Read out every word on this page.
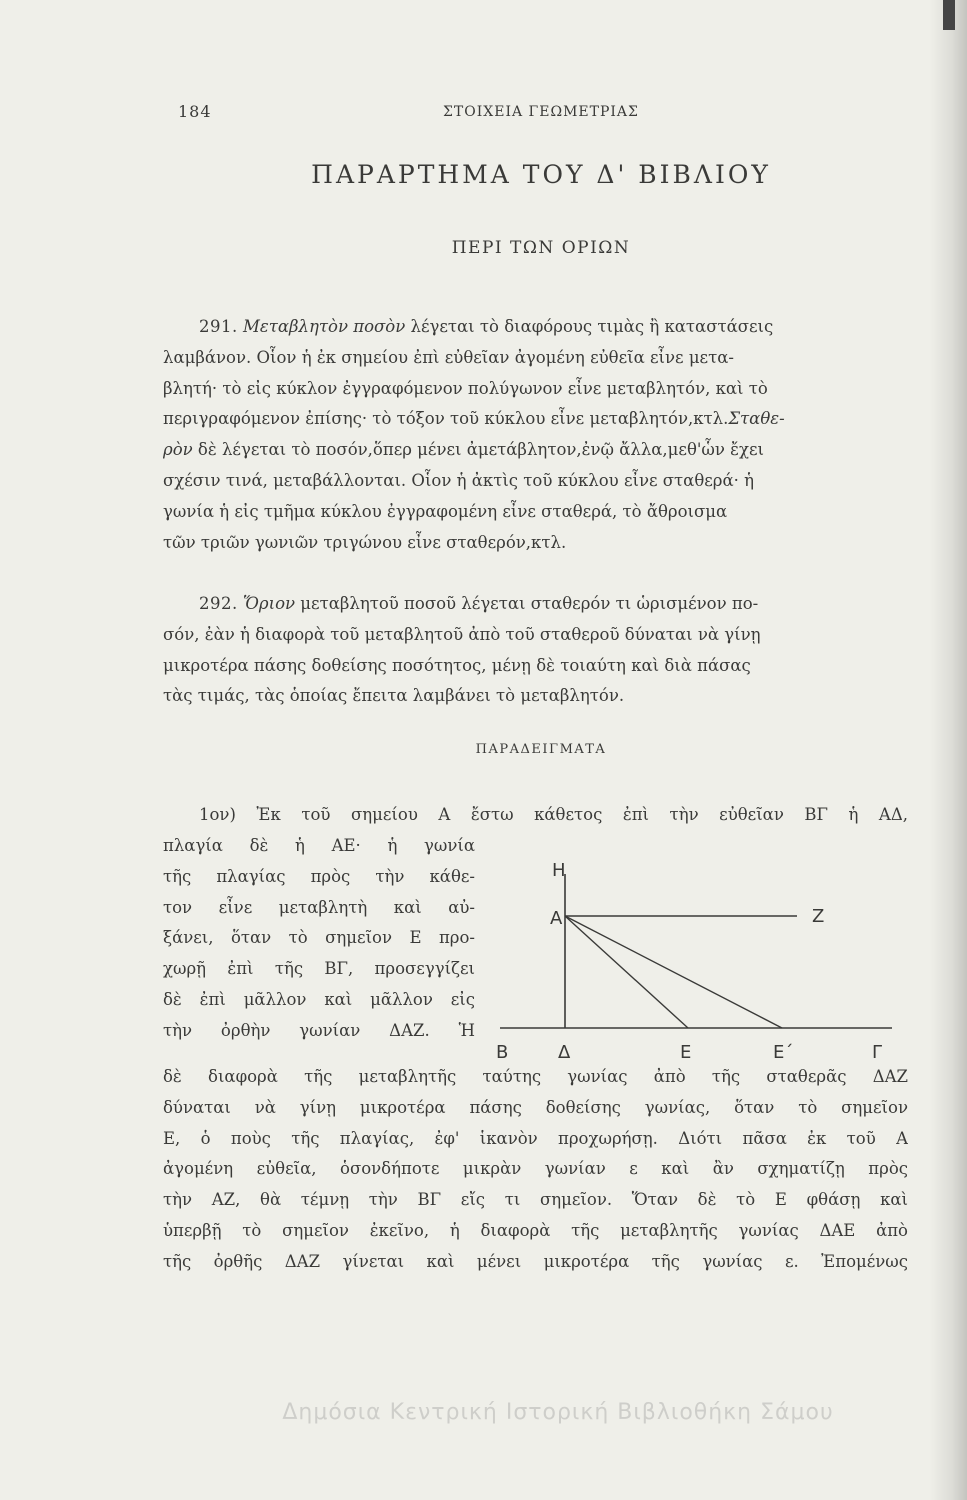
184	ΣΤΟΙΧΕΙΑ ΓΕΩΜΕΤΡΙΑΣ
ΠΑΡΑΡΤΗΜΑ ΤΟΥ Δ' ΒΙΒΛΙΟΥ
ΠΕΡΙ ΤΩΝ ΟΡΙΩΝ
291. Μεταβλητὸν ποσὸν λέγεται τὸ διαφόρους τιμὰς ἢ καταστάσεις
λαμβάνον. Οἷον ἡ ἐκ σημείου ἐπὶ εὐθεῖαν ἀγομένη εὐθεῖα εἶνε μετα-
βλητή· τὸ εἰς κύκλον ἐγγραφόμενον πολύγωνον εἶνε μεταβλητόν, καὶ τὸ
περιγραφόμενον ἐπίσης· τὸ τόξον τοῦ κύκλου εἶνε μεταβλητόν,κτλ.Σταθε-
ρὸν δὲ λέγεται τὸ ποσόν,ὅπερ μένει ἀμετάβλητον,ἐνῷ ἄλλα,μεθ'ὧν ἔχει
σχέσιν τινά, μεταβάλλονται. Οἷον ἡ ἀκτὶς τοῦ κύκλου εἶνε σταθερά· ἡ
γωνία ἡ εἰς τμῆμα κύκλου ἐγγραφομένη εἶνε σταθερά, τὸ ἄθροισμα
τῶν τριῶν γωνιῶν τριγώνου εἶνε σταθερόν,κτλ.
292. Ὅριον μεταβλητοῦ ποσοῦ λέγεται σταθερόν τι ὡρισμένον πο-
σόν, ἐὰν ἡ διαφορὰ τοῦ μεταβλητοῦ ἀπὸ τοῦ σταθεροῦ δύναται νὰ γίνῃ
μικροτέρα πάσης δοθείσης ποσότητος, μένῃ δὲ τοιαύτη καὶ διὰ πάσας
τὰς τιμάς, τὰς ὁποίας ἔπειτα λαμβάνει τὸ μεταβλητόν.
ΠΑΡΑΔΕΙΓΜΑΤΑ
1ον) Ἐκ τοῦ σημείου Α ἔστω κάθετος ἐπὶ τὴν εὐθεῖαν ΒΓ ἡ ΑΔ,
πλαγία δὲ ἡ ΑΕ· ἡ γωνία
τῆς πλαγίας πρὸς τὴν κάθε-
τον εἶνε μεταβλητὴ καὶ αὐ-
ξάνει, ὅταν τὸ σημεῖον Ε προ-
χωρῇ ἐπὶ τῆς ΒΓ, προσεγγίζει
δὲ ἐπὶ μᾶλλον καὶ μᾶλλον εἰς
τὴν ὀρθὴν γωνίαν ΔΑΖ. Ἡ
Η
Α	Ζ
Β	Δ	Ε	Ε΄	Γ
δὲ διαφορὰ τῆς μεταβλητῆς ταύτης γωνίας ἀπὸ τῆς σταθερᾶς ΔΑΖ
δύναται νὰ γίνῃ μικροτέρα πάσης δοθείσης γωνίας, ὅταν τὸ σημεῖον
Ε, ὁ ποὺς τῆς πλαγίας, ἐφ' ἱκανὸν προχωρήσῃ. Διότι πᾶσα ἐκ τοῦ Α
ἀγομένη εὐθεῖα, ὁσονδήποτε μικρὰν γωνίαν ε καὶ ἂν σχηματίζῃ πρὸς
τὴν ΑΖ, θὰ τέμνῃ τὴν ΒΓ εἴς τι σημεῖον. Ὅταν δὲ τὸ Ε φθάσῃ καὶ
ὑπερβῇ τὸ σημεῖον ἐκεῖνο, ἡ διαφορὰ τῆς μεταβλητῆς γωνίας ΔΑΕ ἀπὸ
τῆς ὀρθῆς ΔΑΖ γίνεται καὶ μένει μικροτέρα τῆς γωνίας ε. Ἐπομένως
Δημόσια Κεντρική Ιστορική Βιβλιοθήκη Σάμου
